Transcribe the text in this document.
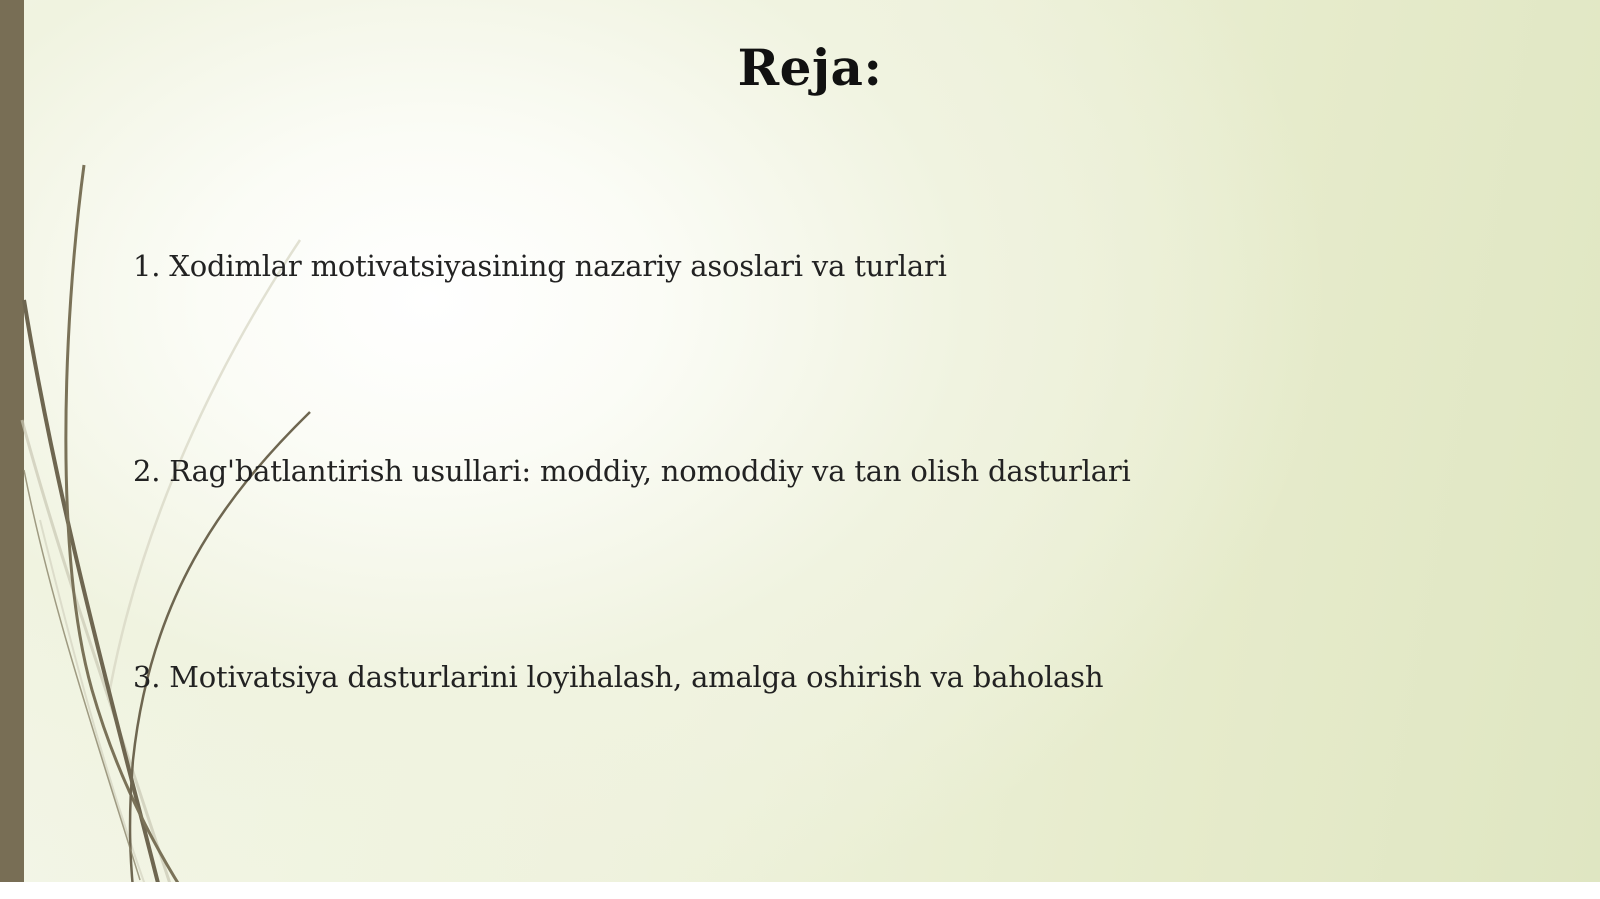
Reja:
1. Xodimlar motivatsiyasining nazariy asoslari va turlari
2. Rag'batlantirish usullari: moddiy, nomoddiy va tan olish dasturlari
3. Motivatsiya dasturlarini loyihalash, amalga oshirish va baholash
